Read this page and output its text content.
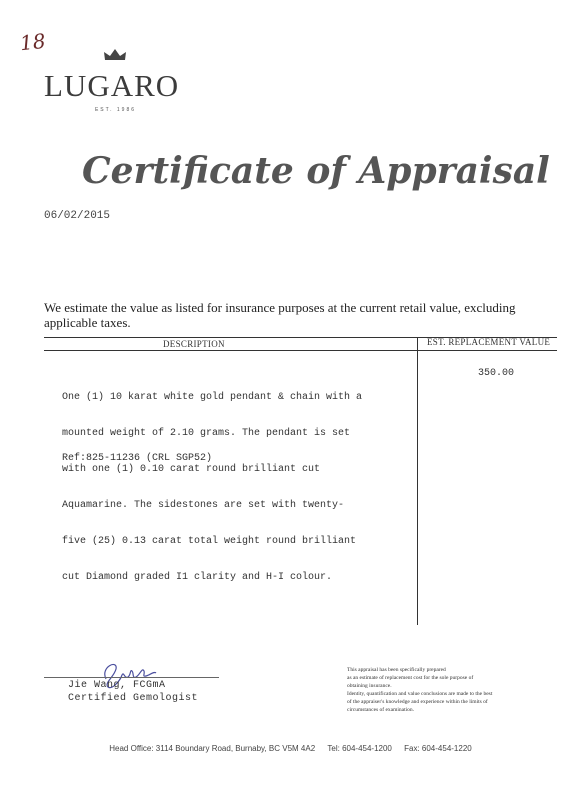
18
LUGARO
EST. 1986
Certificate of Appraisal
06/02/2015
We estimate the value as listed for insurance purposes at the current retail value, excluding applicable taxes.
DESCRIPTION	EST. REPLACEMENT VALUE

One (1) 10 karat white gold pendant & chain with a

mounted weight of 2.10 grams. The pendant is set

with one (1) 0.10 carat round brilliant cut

Aquamarine. The sidestones are set with twenty-

five (25) 0.13 carat total weight round brilliant

cut Diamond graded I1 clarity and H-I colour.

Ref:825-11236 (CRL SGP52)
350.00
Jie Wang, FCGmA
Certified Gemologist

This appraisal has been specifically prepared

as an estimate of replacement cost for the sole purpose of

obtaining insurance.

Identity, quantification and value conclusions are made to the best

of the appraiser's knowledge and experience within the limits of

circumstances of examination.

Head Office: 3114 Boundary Road, Burnaby, BC V5M 4A2 Tel: 604-454-1200 Fax: 604-454-1220
